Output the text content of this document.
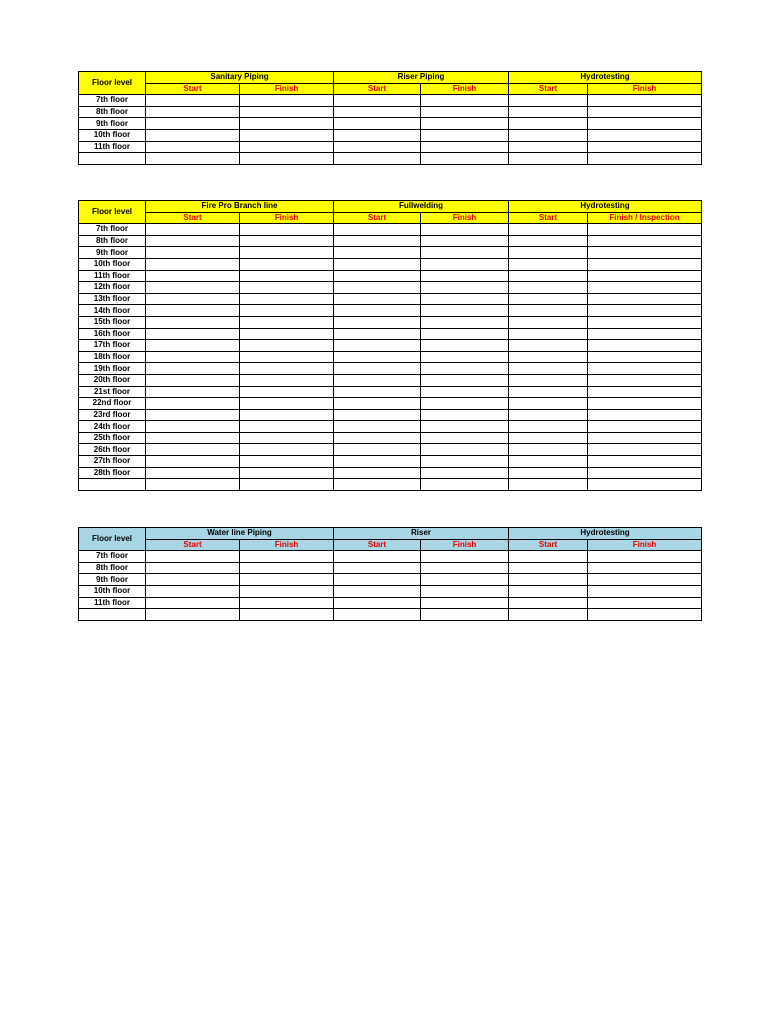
Floor level	Sanitary Piping		Riser Piping		Hydrotesting	
	Start	Finish	Start	Finish	Start	Finish
7th floor						
8th floor						
9th floor						
10th floor						
11th floor						

Floor level	Fire Pro Branch line		Fullwelding		Hydrotesting	
	Start	Finish	Start	Finish	Start	Finish / Inspection
7th floor						
8th floor						
9th floor						
10th floor						
11th floor						
12th floor						
13th floor						
14th floor						
15th floor						
16th floor						
17th floor						
18th floor						
19th floor						
20th floor						
21st floor						
22nd floor						
23rd floor						
24th floor						
25th floor						
26th floor						
27th floor						
28th floor						

Floor level	Water line Piping		Riser		Hydrotesting	
	Start	Finish	Start	Finish	Start	Finish
7th floor						
8th floor						
9th floor						
10th floor						
11th floor						
